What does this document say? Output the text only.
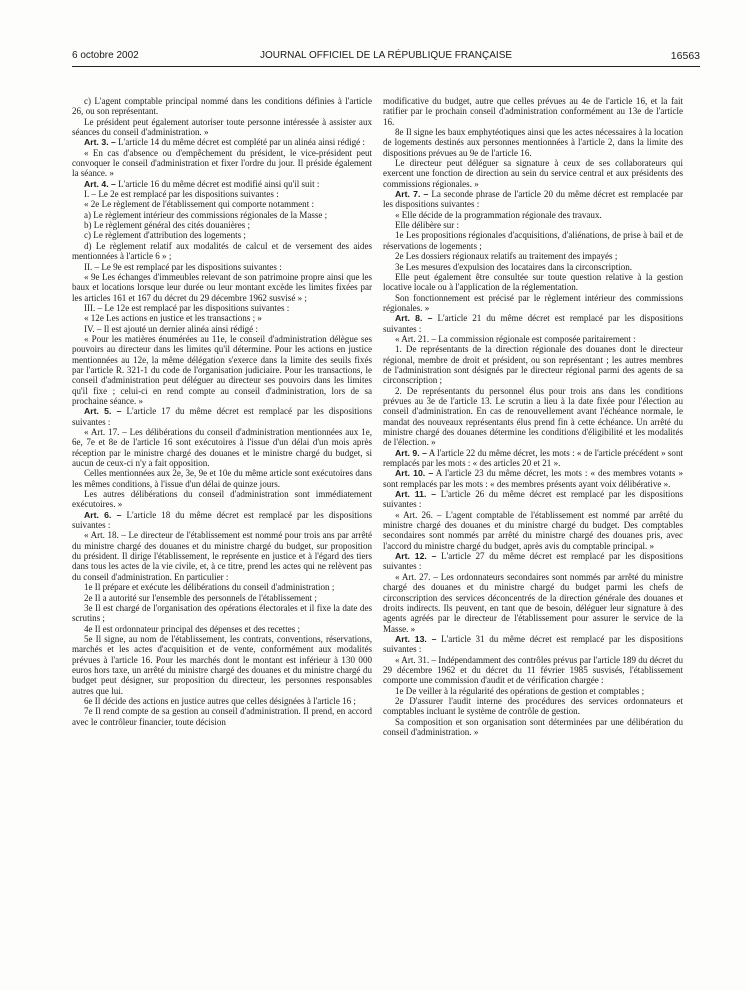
6 octobre 2002	JOURNAL OFFICIEL DE LA RÉPUBLIQUE FRANÇAISE	16563

c) L'agent comptable principal nommé dans les conditions définies à l'article 26, ou son représentant.

Le président peut également autoriser toute personne intéressée à assister aux séances du conseil d'administration. »

Art. 3. – L'article 14 du même décret est complété par un alinéa ainsi rédigé :

« En cas d'absence ou d'empêchement du président, le vice-président peut convoquer le conseil d'administration et fixer l'ordre du jour. Il préside également la séance. »

Art. 4. – L'article 16 du même décret est modifié ainsi qu'il suit :

I. – Le 2e est remplacé par les dispositions suivantes :

« 2e Le règlement de l'établissement qui comporte notamment :

a) Le règlement intérieur des commissions régionales de la Masse ;

b) Le règlement général des cités douanières ;

c) Le règlement d'attribution des logements ;

d) Le règlement relatif aux modalités de calcul et de versement des aides mentionnées à l'article 6 » ;

II. – Le 9e est remplacé par les dispositions suivantes :

« 9e Les échanges d'immeubles relevant de son patrimoine propre ainsi que les baux et locations lorsque leur durée ou leur montant excède les limites fixées par les articles 161 et 167 du décret du 29 décembre 1962 susvisé » ;

III. – Le 12e est remplacé par les dispositions suivantes :

« 12e Les actions en justice et les transactions ; »

IV. – Il est ajouté un dernier alinéa ainsi rédigé :

« Pour les matières énumérées au 11e, le conseil d'administration délègue ses pouvoirs au directeur dans les limites qu'il détermine. Pour les actions en justice mentionnées au 12e, la même délégation s'exerce dans la limite des seuils fixés par l'article R. 321-1 du code de l'organisation judiciaire. Pour les transactions, le conseil d'administration peut déléguer au directeur ses pouvoirs dans les limites qu'il fixe ; celui-ci en rend compte au conseil d'administration, lors de sa prochaine séance. »

Art. 5. – L'article 17 du même décret est remplacé par les dispositions suivantes :

« Art. 17. – Les délibérations du conseil d'administration mentionnées aux 1e, 6e, 7e et 8e de l'article 16 sont exécutoires à l'issue d'un délai d'un mois après réception par le ministre chargé des douanes et le ministre chargé du budget, si aucun de ceux-ci n'y a fait opposition.

Celles mentionnées aux 2e, 3e, 9e et 10e du même article sont exécutoires dans les mêmes conditions, à l'issue d'un délai de quinze jours.

Les autres délibérations du conseil d'administration sont immédiatement exécutoires. »

Art. 6. – L'article 18 du même décret est remplacé par les dispositions suivantes :

« Art. 18. – Le directeur de l'établissement est nommé pour trois ans par arrêté du ministre chargé des douanes et du ministre chargé du budget, sur proposition du président. Il dirige l'établissement, le représente en justice et à l'égard des tiers dans tous les actes de la vie civile, et, à ce titre, prend les actes qui ne relèvent pas du conseil d'administration. En particulier :

1e Il prépare et exécute les délibérations du conseil d'administration ;

2e Il a autorité sur l'ensemble des personnels de l'établissement ;

3e Il est chargé de l'organisation des opérations électorales et il fixe la date des scrutins ;

4e Il est ordonnateur principal des dépenses et des recettes ;

5e Il signe, au nom de l'établissement, les contrats, conventions, réservations, marchés et les actes d'acquisition et de vente, conformément aux modalités prévues à l'article 16. Pour les marchés dont le montant est inférieur à 130 000 euros hors taxe, un arrêté du ministre chargé des douanes et du ministre chargé du budget peut désigner, sur proposition du directeur, les personnes responsables autres que lui.

6e Il décide des actions en justice autres que celles désignées à l'article 16 ;

7e Il rend compte de sa gestion au conseil d'administration. Il prend, en accord avec le contrôleur financier, toute décision

modificative du budget, autre que celles prévues au 4e de l'article 16, et la fait ratifier par le prochain conseil d'administration conformément au 13e de l'article 16.

8e Il signe les baux emphytéotiques ainsi que les actes nécessaires à la location de logements destinés aux personnes mentionnées à l'article 2, dans la limite des dispositions prévues au 9e de l'article 16.

Le directeur peut déléguer sa signature à ceux de ses collaborateurs qui exercent une fonction de direction au sein du service central et aux présidents des commissions régionales. »

Art. 7. – La seconde phrase de l'article 20 du même décret est remplacée par les dispositions suivantes :

« Elle décide de la programmation régionale des travaux.

Elle délibère sur :

1e Les propositions régionales d'acquisitions, d'aliénations, de prise à bail et de réservations de logements ;

2e Les dossiers régionaux relatifs au traitement des impayés ;

3e Les mesures d'expulsion des locataires dans la circonscription.

Elle peut également être consultée sur toute question relative à la gestion locative locale ou à l'application de la réglementation.

Son fonctionnement est précisé par le règlement intérieur des commissions régionales. »

Art. 8. – L'article 21 du même décret est remplacé par les dispositions suivantes :

« Art. 21. – La commission régionale est composée paritairement :

1. De représentants de la direction régionale des douanes dont le directeur régional, membre de droit et président, ou son représentant ; les autres membres de l'administration sont désignés par le directeur régional parmi des agents de sa circonscription ;

2. De représentants du personnel élus pour trois ans dans les conditions prévues au 3e de l'article 13. Le scrutin a lieu à la date fixée pour l'élection au conseil d'administration. En cas de renouvellement avant l'échéance normale, le mandat des nouveaux représentants élus prend fin à cette échéance. Un arrêté du ministre chargé des douanes détermine les conditions d'éligibilité et les modalités de l'élection. »

Art. 9. – A l'article 22 du même décret, les mots : « de l'article précédent » sont remplacés par les mots : « des articles 20 et 21 ».

Art. 10. – A l'article 23 du même décret, les mots : « des membres votants » sont remplacés par les mots : « des membres présents ayant voix délibérative ».

Art. 11. – L'article 26 du même décret est remplacé par les dispositions suivantes :

« Art. 26. – L'agent comptable de l'établissement est nommé par arrêté du ministre chargé des douanes et du ministre chargé du budget. Des comptables secondaires sont nommés par arrêté du ministre chargé des douanes pris, avec l'accord du ministre chargé du budget, après avis du comptable principal. »

Art. 12. – L'article 27 du même décret est remplacé par les dispositions suivantes :

« Art. 27. – Les ordonnateurs secondaires sont nommés par arrêté du ministre chargé des douanes et du ministre chargé du budget parmi les chefs de circonscription des services déconcentrés de la direction générale des douanes et droits indirects. Ils peuvent, en tant que de besoin, déléguer leur signature à des agents agréés par le directeur de l'établissement pour assurer le service de la Masse. »

Art. 13. – L'article 31 du même décret est remplacé par les dispositions suivantes :

« Art. 31. – Indépendamment des contrôles prévus par l'article 189 du décret du 29 décembre 1962 et du décret du 11 février 1985 susvisés, l'établissement comporte une commission d'audit et de vérification chargée :

1e De veiller à la régularité des opérations de gestion et comptables ;

2e D'assurer l'audit interne des procédures des services ordonnateurs et comptables incluant le système de contrôle de gestion.

Sa composition et son organisation sont déterminées par une délibération du conseil d'administration. »
